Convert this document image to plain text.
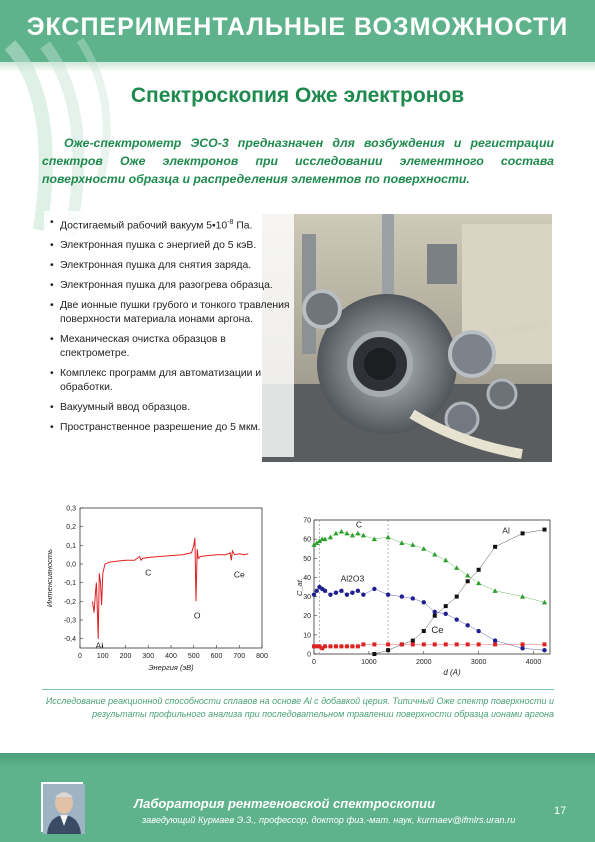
ЭКСПЕРИМЕНТАЛЬНЫЕ ВОЗМОЖНОСТИ
Спектроскопия Оже электронов

Оже-спектрометр ЭСО-3 предназначен для возбуждения и регистрации спектров Оже электронов при исследовании элементного состава поверхности образца и распределения элементов по поверхности.

• Достигаемый рабочий вакуум $5•10^{-8}$ Па.
• Электронная пушка с энергией до 5 кэВ.
• Электронная пушка для снятия заряда.
• Электронная пушка для разогрева образца.
• Две ионные пушки грубого и тонкого травления поверхности материала ионами аргона.
• Механическая очистка образцов в спектрометре.
• Комплекс программ для автоматизации и обработки.
• Вакуумный ввод образцов.
• Пространственное разрешение до 5 мкм.
0,3
0,2
0,1
0,0
-0,1
-0,2
-0,3
-0,4
0 100 200 300 400 500 600 700 800
Энергия (эВ)
Интенсивность
Al
C
O
Ce
0
10
20
30
40
50
60
70
0	1000	2000	3000	4000
d (A)
C_at.
C
Al2O3
Al
Ce

Исследование реакционной способности сплавов на основе Al с добавкой церия. Типичный Оже спектр поверхности и результаты профильного анализа при последовательном травлении поверхности образца ионами аргона

Лаборатория рентгеновской спектроскопии
заведующий Курмаев Э.З., профессор, доктор физ.-мат. наук, kurmaev@ifmlrs.uran.ru
17
